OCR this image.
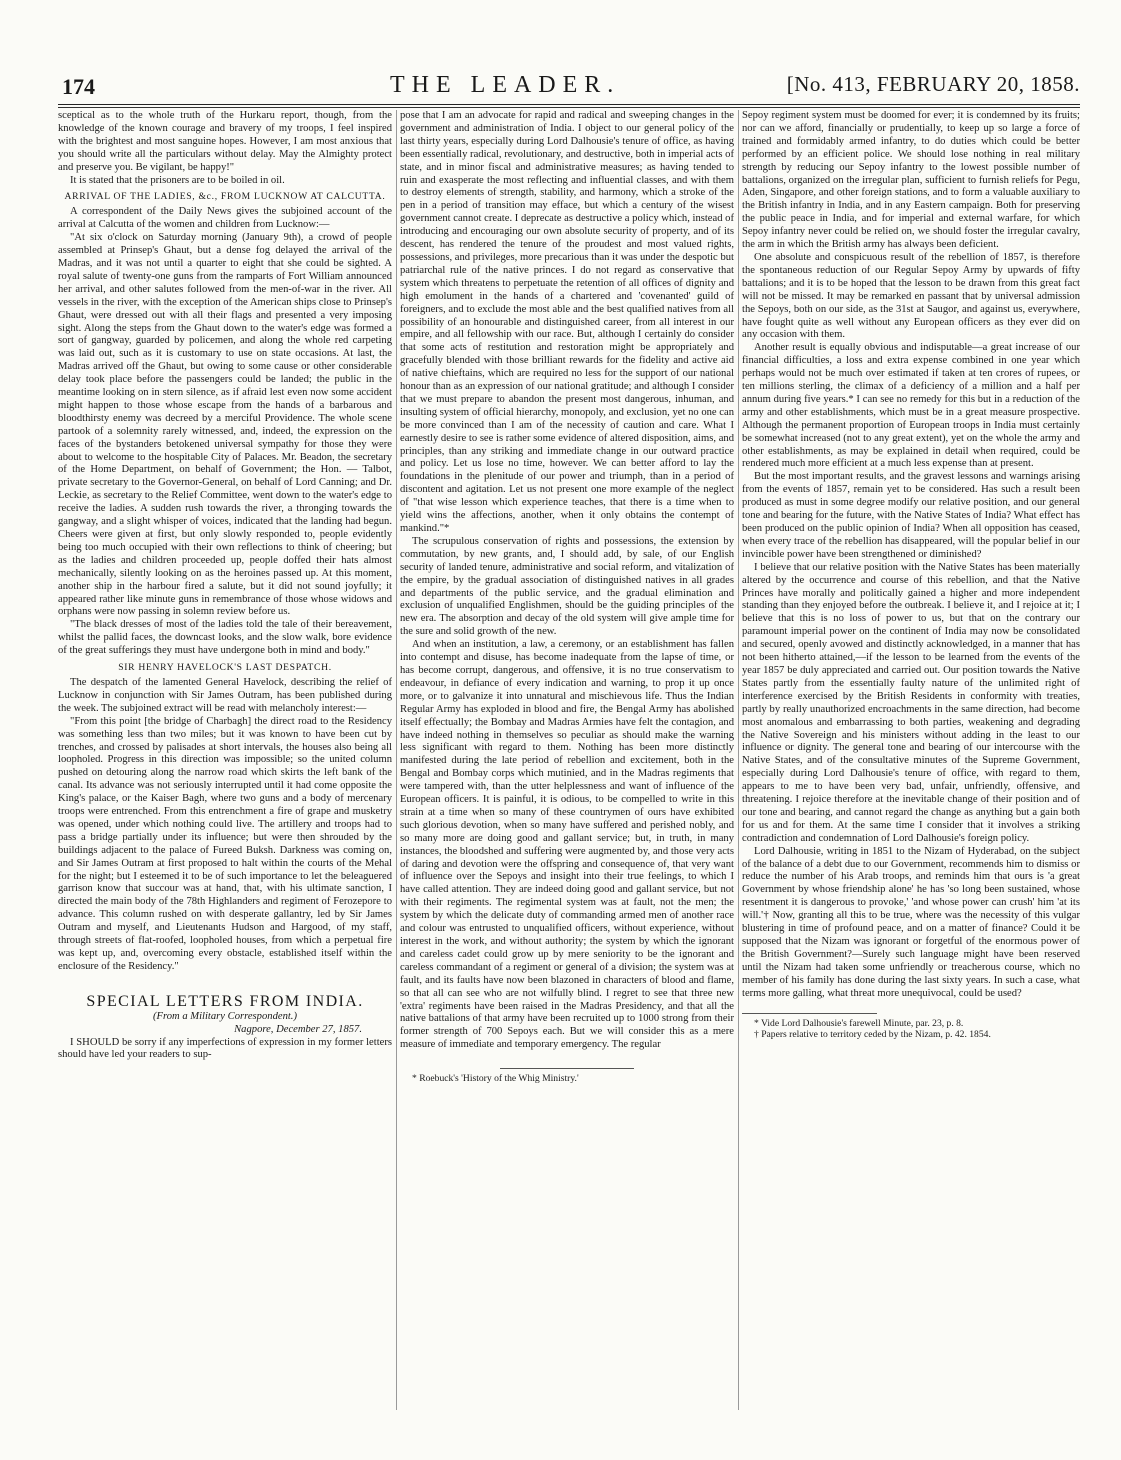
174	THE LEADER.	[No. 413, FEBRUARY 20, 1858.

sceptical as to the whole truth of the Hurkaru report, though, from the knowledge of the known courage and bravery of my troops, I feel inspired with the brightest and most sanguine hopes. However, I am most anxious that you should write all the particulars without delay. May the Almighty protect and preserve you. Be vigilant, be happy!"

It is stated that the prisoners are to be boiled in oil.

ARRIVAL OF THE LADIES, &c., FROM LUCKNOW AT CALCUTTA.

A correspondent of the Daily News gives the subjoined account of the arrival at Calcutta of the women and children from Lucknow:—

"At six o'clock on Saturday morning (January 9th), a crowd of people assembled at Prinsep's Ghaut, but a dense fog delayed the arrival of the Madras, and it was not until a quarter to eight that she could be sighted. A royal salute of twenty-one guns from the ramparts of Fort William announced her arrival, and other salutes followed from the men-of-war in the river. All vessels in the river, with the exception of the American ships close to Prinsep's Ghaut, were dressed out with all their flags and presented a very imposing sight. Along the steps from the Ghaut down to the water's edge was formed a sort of gangway, guarded by policemen, and along the whole red carpeting was laid out, such as it is customary to use on state occasions. At last, the Madras arrived off the Ghaut, but owing to some cause or other considerable delay took place before the passengers could be landed; the public in the meantime looking on in stern silence, as if afraid lest even now some accident might happen to those whose escape from the hands of a barbarous and bloodthirsty enemy was decreed by a merciful Providence. The whole scene partook of a solemnity rarely witnessed, and, indeed, the expression on the faces of the bystanders betokened universal sympathy for those they were about to welcome to the hospitable City of Palaces. Mr. Beadon, the secretary of the Home Department, on behalf of Government; the Hon. — Talbot, private secretary to the Governor-General, on behalf of Lord Canning; and Dr. Leckie, as secretary to the Relief Committee, went down to the water's edge to receive the ladies. A sudden rush towards the river, a thronging towards the gangway, and a slight whisper of voices, indicated that the landing had begun. Cheers were given at first, but only slowly responded to, people evidently being too much occupied with their own reflections to think of cheering; but as the ladies and children proceeded up, people doffed their hats almost mechanically, silently looking on as the heroines passed up. At this moment, another ship in the harbour fired a salute, but it did not sound joyfully; it appeared rather like minute guns in remembrance of those whose widows and orphans were now passing in solemn review before us.

"The black dresses of most of the ladies told the tale of their bereavement, whilst the pallid faces, the downcast looks, and the slow walk, bore evidence of the great sufferings they must have undergone both in mind and body."

SIR HENRY HAVELOCK'S LAST DESPATCH.

The despatch of the lamented General Havelock, describing the relief of Lucknow in conjunction with Sir James Outram, has been published during the week. The subjoined extract will be read with melancholy interest:—

"From this point [the bridge of Charbagh] the direct road to the Residency was something less than two miles; but it was known to have been cut by trenches, and crossed by palisades at short intervals, the houses also being all loopholed. Progress in this direction was impossible; so the united column pushed on detouring along the narrow road which skirts the left bank of the canal. Its advance was not seriously interrupted until it had come opposite the King's palace, or the Kaiser Bagh, where two guns and a body of mercenary troops were entrenched. From this entrenchment a fire of grape and musketry was opened, under which nothing could live. The artillery and troops had to pass a bridge partially under its influence; but were then shrouded by the buildings adjacent to the palace of Fureed Buksh. Darkness was coming on, and Sir James Outram at first proposed to halt within the courts of the Mehal for the night; but I esteemed it to be of such importance to let the beleaguered garrison know that succour was at hand, that, with his ultimate sanction, I directed the main body of the 78th Highlanders and regiment of Ferozepore to advance. This column rushed on with desperate gallantry, led by Sir James Outram and myself, and Lieutenants Hudson and Hargood, of my staff, through streets of flat-roofed, loopholed houses, from which a perpetual fire was kept up, and, overcoming every obstacle, established itself within the enclosure of the Residency."

SPECIAL LETTERS FROM INDIA.
(From a Military Correspondent.)
Nagpore, December 27, 1857.

I SHOULD be sorry if any imperfections of expression in my former letters should have led your readers to sup-

pose that I am an advocate for rapid and radical and sweeping changes in the government and administration of India. I object to our general policy of the last thirty years, especially during Lord Dalhousie's tenure of office, as having been essentially radical, revolutionary, and destructive, both in imperial acts of state, and in minor fiscal and administrative measures; as having tended to ruin and exasperate the most reflecting and influential classes, and with them to destroy elements of strength, stability, and harmony, which a stroke of the pen in a period of transition may efface, but which a century of the wisest government cannot create. I deprecate as destructive a policy which, instead of introducing and encouraging our own absolute security of property, and of its descent, has rendered the tenure of the proudest and most valued rights, possessions, and privileges, more precarious than it was under the despotic but patriarchal rule of the native princes. I do not regard as conservative that system which threatens to perpetuate the retention of all offices of dignity and high emolument in the hands of a chartered and 'covenanted' guild of foreigners, and to exclude the most able and the best qualified natives from all possibility of an honourable and distinguished career, from all interest in our empire, and all fellowship with our race. But, although I certainly do consider that some acts of restitution and restoration might be appropriately and gracefully blended with those brilliant rewards for the fidelity and active aid of native chieftains, which are required no less for the support of our national honour than as an expression of our national gratitude; and although I consider that we must prepare to abandon the present most dangerous, inhuman, and insulting system of official hierarchy, monopoly, and exclusion, yet no one can be more convinced than I am of the necessity of caution and care. What I earnestly desire to see is rather some evidence of altered disposition, aims, and principles, than any striking and immediate change in our outward practice and policy. Let us lose no time, however. We can better afford to lay the foundations in the plenitude of our power and triumph, than in a period of discontent and agitation. Let us not present one more example of the neglect of "that wise lesson which experience teaches, that there is a time when to yield wins the affections, another, when it only obtains the contempt of mankind."*

The scrupulous conservation of rights and possessions, the extension by commutation, by new grants, and, I should add, by sale, of our English security of landed tenure, administrative and social reform, and vitalization of the empire, by the gradual association of distinguished natives in all grades and departments of the public service, and the gradual elimination and exclusion of unqualified Englishmen, should be the guiding principles of the new era. The absorption and decay of the old system will give ample time for the sure and solid growth of the new.

And when an institution, a law, a ceremony, or an establishment has fallen into contempt and disuse, has become inadequate from the lapse of time, or has become corrupt, dangerous, and offensive, it is no true conservatism to endeavour, in defiance of every indication and warning, to prop it up once more, or to galvanize it into unnatural and mischievous life. Thus the Indian Regular Army has exploded in blood and fire, the Bengal Army has abolished itself effectually; the Bombay and Madras Armies have felt the contagion, and have indeed nothing in themselves so peculiar as should make the warning less significant with regard to them. Nothing has been more distinctly manifested during the late period of rebellion and excitement, both in the Bengal and Bombay corps which mutinied, and in the Madras regiments that were tampered with, than the utter helplessness and want of influence of the European officers. It is painful, it is odious, to be compelled to write in this strain at a time when so many of these countrymen of ours have exhibited such glorious devotion, when so many have suffered and perished nobly, and so many more are doing good and gallant service; but, in truth, in many instances, the bloodshed and suffering were augmented by, and those very acts of daring and devotion were the offspring and consequence of, that very want of influence over the Sepoys and insight into their true feelings, to which I have called attention. They are indeed doing good and gallant service, but not with their regiments. The regimental system was at fault, not the men; the system by which the delicate duty of commanding armed men of another race and colour was entrusted to unqualified officers, without experience, without interest in the work, and without authority; the system by which the ignorant and careless cadet could grow up by mere seniority to be the ignorant and careless commandant of a regiment or general of a division; the system was at fault, and its faults have now been blazoned in characters of blood and flame, so that all can see who are not wilfully blind. I regret to see that three new 'extra' regiments have been raised in the Madras Presidency, and that all the native battalions of that army have been recruited up to 1000 strong from their former strength of 700 Sepoys each. But we will consider this as a mere measure of immediate and temporary emergency. The regular

* Roebuck's 'History of the Whig Ministry.'

Sepoy regiment system must be doomed for ever; it is condemned by its fruits; nor can we afford, financially or prudentially, to keep up so large a force of trained and formidably armed infantry, to do duties which could be better performed by an efficient police. We should lose nothing in real military strength by reducing our Sepoy infantry to the lowest possible number of battalions, organized on the irregular plan, sufficient to furnish reliefs for Pegu, Aden, Singapore, and other foreign stations, and to form a valuable auxiliary to the British infantry in India, and in any Eastern campaign. Both for preserving the public peace in India, and for imperial and external warfare, for which Sepoy infantry never could be relied on, we should foster the irregular cavalry, the arm in which the British army has always been deficient.

One absolute and conspicuous result of the rebellion of 1857, is therefore the spontaneous reduction of our Regular Sepoy Army by upwards of fifty battalions; and it is to be hoped that the lesson to be drawn from this great fact will not be missed. It may be remarked en passant that by universal admission the Sepoys, both on our side, as the 31st at Saugor, and against us, everywhere, have fought quite as well without any European officers as they ever did on any occasion with them.

Another result is equally obvious and indisputable—a great increase of our financial difficulties, a loss and extra expense combined in one year which perhaps would not be much over estimated if taken at ten crores of rupees, or ten millions sterling, the climax of a deficiency of a million and a half per annum during five years.* I can see no remedy for this but in a reduction of the army and other establishments, which must be in a great measure prospective. Although the permanent proportion of European troops in India must certainly be somewhat increased (not to any great extent), yet on the whole the army and other establishments, as may be explained in detail when required, could be rendered much more efficient at a much less expense than at present.

But the most important results, and the gravest lessons and warnings arising from the events of 1857, remain yet to be considered. Has such a result been produced as must in some degree modify our relative position, and our general tone and bearing for the future, with the Native States of India? What effect has been produced on the public opinion of India? When all opposition has ceased, when every trace of the rebellion has disappeared, will the popular belief in our invincible power have been strengthened or diminished?

I believe that our relative position with the Native States has been materially altered by the occurrence and course of this rebellion, and that the Native Princes have morally and politically gained a higher and more independent standing than they enjoyed before the outbreak. I believe it, and I rejoice at it; I believe that this is no loss of power to us, but that on the contrary our paramount imperial power on the continent of India may now be consolidated and secured, openly avowed and distinctly acknowledged, in a manner that has not been hitherto attained,—if the lesson to be learned from the events of the year 1857 be duly appreciated and carried out. Our position towards the Native States partly from the essentially faulty nature of the unlimited right of interference exercised by the British Residents in conformity with treaties, partly by really unauthorized encroachments in the same direction, had become most anomalous and embarrassing to both parties, weakening and degrading the Native Sovereign and his ministers without adding in the least to our influence or dignity. The general tone and bearing of our intercourse with the Native States, and of the consultative minutes of the Supreme Government, especially during Lord Dalhousie's tenure of office, with regard to them, appears to me to have been very bad, unfair, unfriendly, offensive, and threatening. I rejoice therefore at the inevitable change of their position and of our tone and bearing, and cannot regard the change as anything but a gain both for us and for them. At the same time I consider that it involves a striking contradiction and condemnation of Lord Dalhousie's foreign policy.

Lord Dalhousie, writing in 1851 to the Nizam of Hyderabad, on the subject of the balance of a debt due to our Government, recommends him to dismiss or reduce the number of his Arab troops, and reminds him that ours is 'a great Government by whose friendship alone' he has 'so long been sustained, whose resentment it is dangerous to provoke,' 'and whose power can crush' him 'at its will.'† Now, granting all this to be true, where was the necessity of this vulgar blustering in time of profound peace, and on a matter of finance? Could it be supposed that the Nizam was ignorant or forgetful of the enormous power of the British Government?—Surely such language might have been reserved until the Nizam had taken some unfriendly or treacherous course, which no member of his family has done during the last sixty years. In such a case, what terms more galling, what threat more unequivocal, could be used?

* Vide Lord Dalhousie's farewell Minute, par. 23, p. 8.

† Papers relative to territory ceded by the Nizam, p. 42. 1854.
